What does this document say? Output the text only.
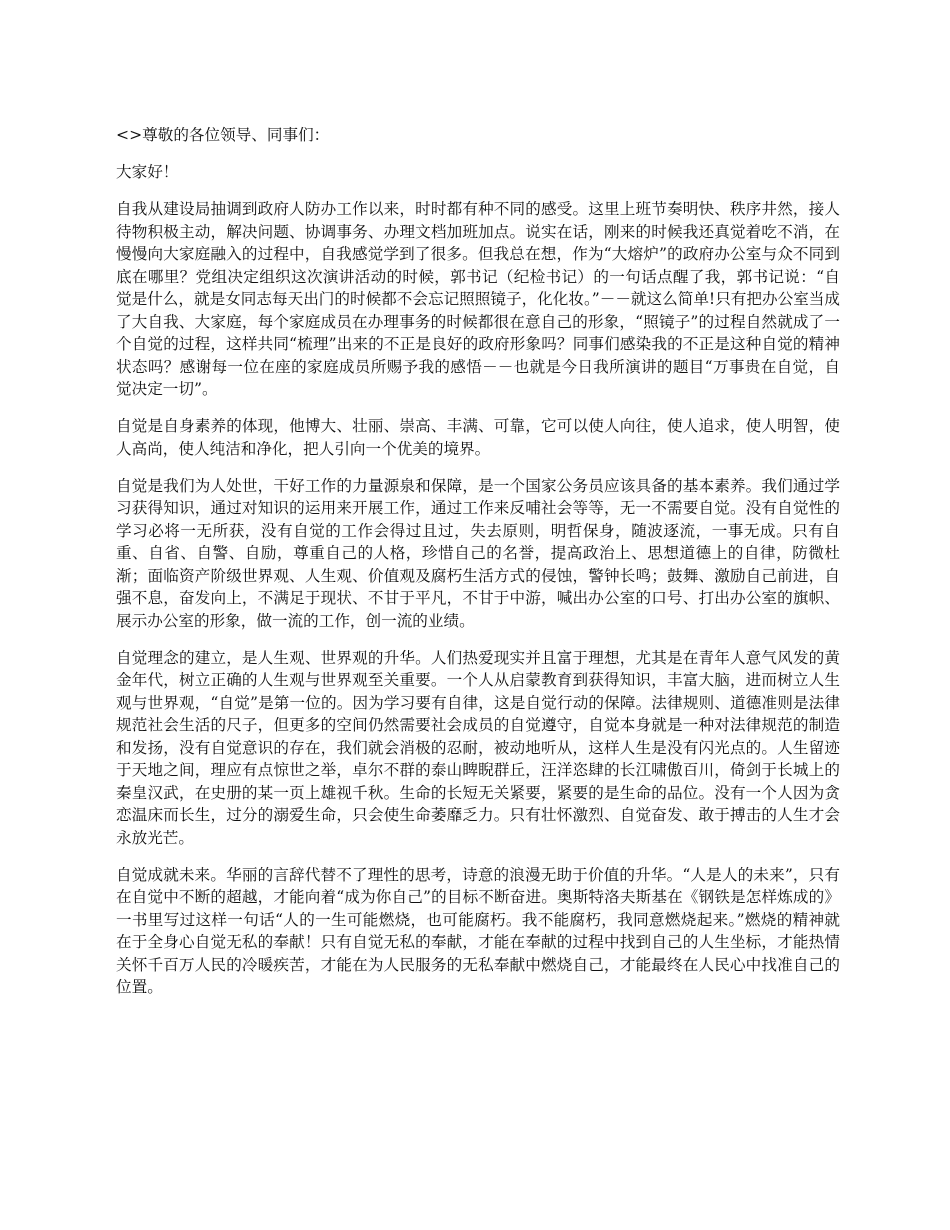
<>尊敬的各位领导、同事们：

大家好！

自我从建设局抽调到政府人防办工作以来，时时都有种不同的感受。这里上班节奏明快、秩序井然，接人待物积极主动，解决问题、协调事务、办理文档加班加点。说实在话，刚来的时候我还真觉着吃不消，在慢慢向大家庭融入的过程中，自我感觉学到了很多。但我总在想，作为“大熔炉”的政府办公室与众不同到底在哪里？党组决定组织这次演讲活动的时候，郭书记（纪检书记）的一句话点醒了我，郭书记说：“自觉是什么，就是女同志每天出门的时候都不会忘记照照镜子，化化妆。”－－就这么简单!只有把办公室当成了大自我、大家庭，每个家庭成员在办理事务的时候都很在意自己的形象，“照镜子”的过程自然就成了一个自觉的过程，这样共同“梳理”出来的不正是良好的政府形象吗？同事们感染我的不正是这种自觉的精神状态吗？感谢每一位在座的家庭成员所赐予我的感悟－－也就是今日我所演讲的题目“万事贵在自觉，自觉决定一切”。

自觉是自身素养的体现，他博大、壮丽、崇高、丰满、可靠，它可以使人向往，使人追求，使人明智，使人高尚，使人纯洁和净化，把人引向一个优美的境界。

自觉是我们为人处世，干好工作的力量源泉和保障，是一个国家公务员应该具备的基本素养。我们通过学习获得知识，通过对知识的运用来开展工作，通过工作来反哺社会等等，无一不需要自觉。没有自觉性的学习必将一无所获，没有自觉的工作会得过且过，失去原则，明哲保身，随波逐流，一事无成。只有自重、自省、自警、自励，尊重自己的人格，珍惜自己的名誉，提高政治上、思想道德上的自律，防微杜渐；面临资产阶级世界观、人生观、价值观及腐朽生活方式的侵蚀，警钟长鸣；鼓舞、激励自己前进，自强不息，奋发向上，不满足于现状、不甘于平凡，不甘于中游，喊出办公室的口号、打出办公室的旗帜、展示办公室的形象，做一流的工作，创一流的业绩。

自觉理念的建立，是人生观、世界观的升华。人们热爱现实并且富于理想，尤其是在青年人意气风发的黄金年代，树立正确的人生观与世界观至关重要。一个人从启蒙教育到获得知识，丰富大脑，进而树立人生观与世界观，“自觉”是第一位的。因为学习要有自律，这是自觉行动的保障。法律规则、道德准则是法律规范社会生活的尺子，但更多的空间仍然需要社会成员的自觉遵守，自觉本身就是一种对法律规范的制造和发扬，没有自觉意识的存在，我们就会消极的忍耐，被动地听从，这样人生是没有闪光点的。人生留迹于天地之间，理应有点惊世之举，卓尔不群的泰山睥睨群丘，汪洋恣肆的长江啸傲百川，倚剑于长城上的秦皇汉武，在史册的某一页上雄视千秋。生命的长短无关紧要，紧要的是生命的品位。没有一个人因为贪恋温床而长生，过分的溺爱生命，只会使生命萎靡乏力。只有壮怀激烈、自觉奋发、敢于搏击的人生才会永放光芒。

自觉成就未来。华丽的言辞代替不了理性的思考，诗意的浪漫无助于价值的升华。“人是人的未来”，只有在自觉中不断的超越，才能向着“成为你自己”的目标不断奋进。奥斯特洛夫斯基在《钢铁是怎样炼成的》一书里写过这样一句话“人的一生可能燃烧，也可能腐朽。我不能腐朽，我同意燃烧起来。”燃烧的精神就在于全身心自觉无私的奉献！只有自觉无私的奉献，才能在奉献的过程中找到自己的人生坐标，才能热情关怀千百万人民的冷暖疾苦，才能在为人民服务的无私奉献中燃烧自己，才能最终在人民心中找准自己的位置。
